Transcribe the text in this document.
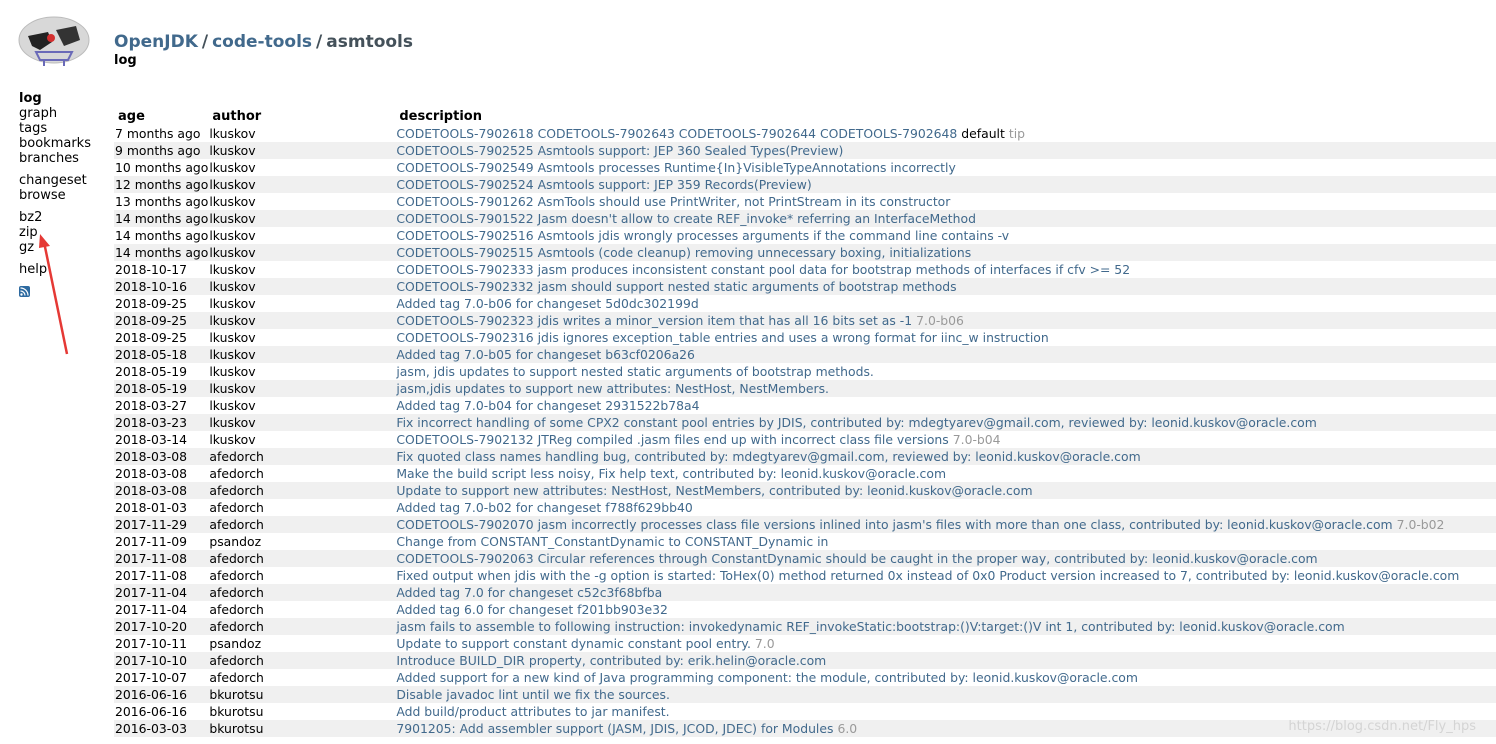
OpenJDK / code-tools / asmtools
log
log
graph
tags
bookmarks
branches
changeset
browse
bz2
zip
gz
help
age	author	description
7 months ago	lkuskov	CODETOOLS-7902618 CODETOOLS-7902643 CODETOOLS-7902644 CODETOOLS-7902648 default tip
9 months ago	lkuskov	CODETOOLS-7902525 Asmtools support: JEP 360 Sealed Types(Preview)
10 months ago	lkuskov	CODETOOLS-7902549 Asmtools processes Runtime{In}VisibleTypeAnnotations incorrectly
12 months ago	lkuskov	CODETOOLS-7902524 Asmtools support: JEP 359 Records(Preview)
13 months ago	lkuskov	CODETOOLS-7901262 AsmTools should use PrintWriter, not PrintStream in its constructor
14 months ago	lkuskov	CODETOOLS-7901522 Jasm doesn't allow to create REF_invoke* referring an InterfaceMethod
14 months ago	lkuskov	CODETOOLS-7902516 Asmtools jdis wrongly processes arguments if the command line contains -v
14 months ago	lkuskov	CODETOOLS-7902515 Asmtools (code cleanup) removing unnecessary boxing, initializations
2018-10-17	lkuskov	CODETOOLS-7902333 jasm produces inconsistent constant pool data for bootstrap methods of interfaces if cfv >= 52
2018-10-16	lkuskov	CODETOOLS-7902332 jasm should support nested static arguments of bootstrap methods
2018-09-25	lkuskov	Added tag 7.0-b06 for changeset 5d0dc302199d
2018-09-25	lkuskov	CODETOOLS-7902323 jdis writes a minor_version item that has all 16 bits set as -1 7.0-b06
2018-09-25	lkuskov	CODETOOLS-7902316 jdis ignores exception_table entries and uses a wrong format for iinc_w instruction
2018-05-18	lkuskov	Added tag 7.0-b05 for changeset b63cf0206a26
2018-05-19	lkuskov	jasm, jdis updates to support nested static arguments of bootstrap methods.
2018-05-19	lkuskov	jasm,jdis updates to support new attributes: NestHost, NestMembers.
2018-03-27	lkuskov	Added tag 7.0-b04 for changeset 2931522b78a4
2018-03-23	lkuskov	Fix incorrect handling of some CPX2 constant pool entries by JDIS, contributed by: mdegtyarev@gmail.com, reviewed by: leonid.kuskov@oracle.com
2018-03-14	lkuskov	CODETOOLS-7902132 JTReg compiled .jasm files end up with incorrect class file versions 7.0-b04
2018-03-08	afedorch	Fix quoted class names handling bug, contributed by: mdegtyarev@gmail.com, reviewed by: leonid.kuskov@oracle.com
2018-03-08	afedorch	Make the build script less noisy, Fix help text, contributed by: leonid.kuskov@oracle.com
2018-03-08	afedorch	Update to support new attributes: NestHost, NestMembers, contributed by: leonid.kuskov@oracle.com
2018-01-03	afedorch	Added tag 7.0-b02 for changeset f788f629bb40
2017-11-29	afedorch	CODETOOLS-7902070 jasm incorrectly processes class file versions inlined into jasm's files with more than one class, contributed by: leonid.kuskov@oracle.com 7.0-b02
2017-11-09	psandoz	Change from CONSTANT_ConstantDynamic to CONSTANT_Dynamic in
2017-11-08	afedorch	CODETOOLS-7902063 Circular references through ConstantDynamic should be caught in the proper way, contributed by: leonid.kuskov@oracle.com
2017-11-08	afedorch	Fixed output when jdis with the -g option is started: ToHex(0) method returned 0x instead of 0x0 Product version increased to 7, contributed by: leonid.kuskov@oracle.com
2017-11-04	afedorch	Added tag 7.0 for changeset c52c3f68bfba
2017-11-04	afedorch	Added tag 6.0 for changeset f201bb903e32
2017-10-20	afedorch	jasm fails to assemble to following instruction: invokedynamic REF_invokeStatic:bootstrap:()V:target:()V int 1, contributed by: leonid.kuskov@oracle.com
2017-10-11	psandoz	Update to support constant dynamic constant pool entry. 7.0
2017-10-10	afedorch	Introduce BUILD_DIR property, contributed by: erik.helin@oracle.com
2017-10-07	afedorch	Added support for a new kind of Java programming component: the module, contributed by: leonid.kuskov@oracle.com
2016-06-16	bkurotsu	Disable javadoc lint until we fix the sources.
2016-06-16	bkurotsu	Add build/product attributes to jar manifest.
2016-03-03	bkurotsu	7901205: Add assembler support (JASM, JDIS, JCOD, JDEC) for Modules 6.0	https://blog.csdn.net/Fly_hps
